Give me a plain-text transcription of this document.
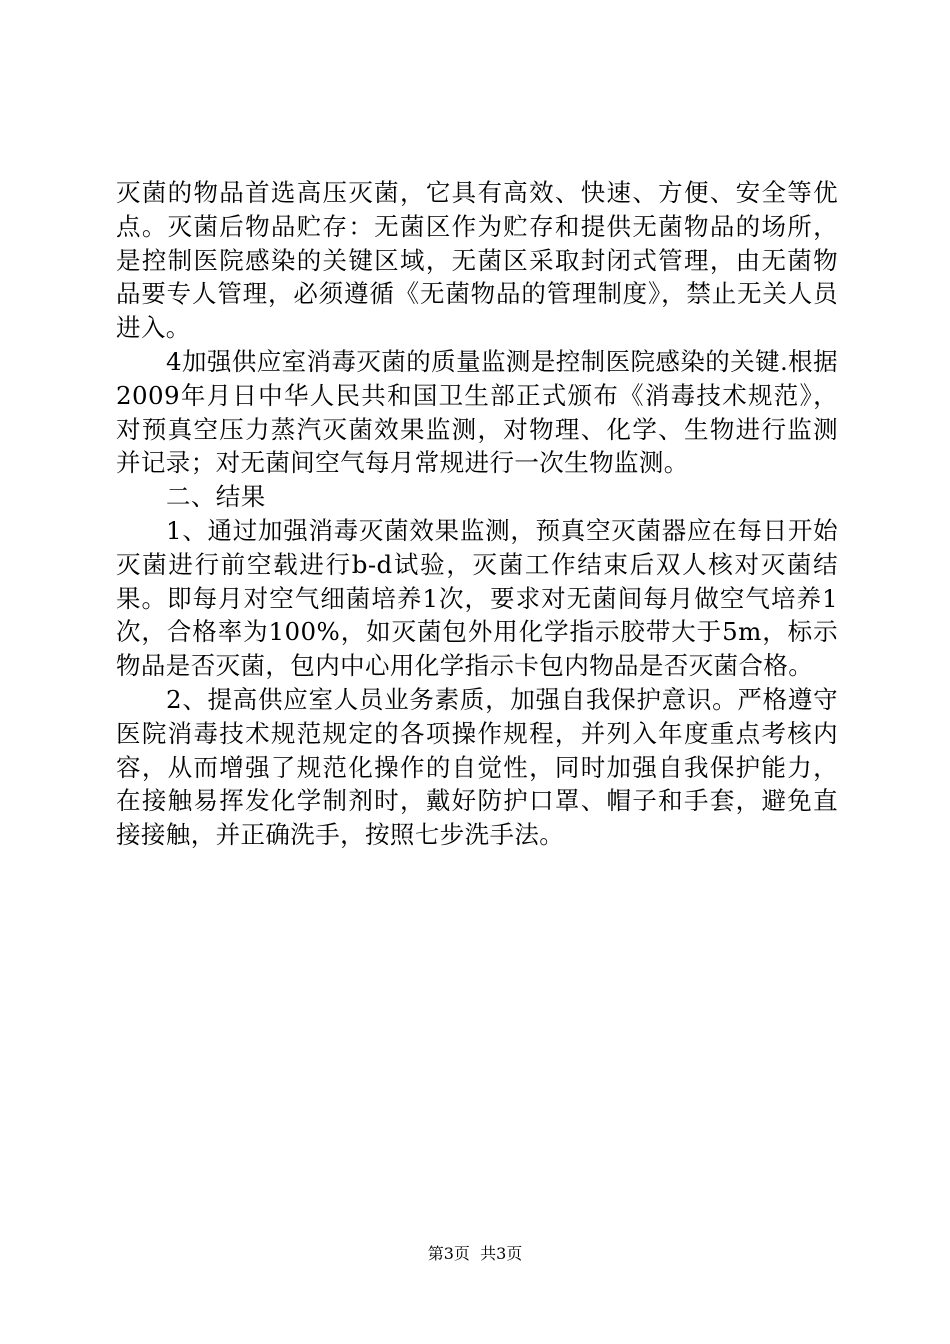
灭菌的物品首选高压灭菌，它具有高效、快速、方便、安全等优点。灭菌后物品贮存：无菌区作为贮存和提供无菌物品的场所，是控制医院感染的关键区域，无菌区采取封闭式管理，由无菌物品要专人管理，必须遵循《无菌物品的管理制度》，禁止无关人员进入。

4加强供应室消毒灭菌的质量监测是控制医院感染的关键.根据2009年月日中华人民共和国卫生部正式颁布《消毒技术规范》，对预真空压力蒸汽灭菌效果监测，对物理、化学、生物进行监测并记录；对无菌间空气每月常规进行一次生物监测。

二、结果

1、通过加强消毒灭菌效果监测，预真空灭菌器应在每日开始灭菌进行前空载进行b-d试验，灭菌工作结束后双人核对灭菌结果。即每月对空气细菌培养1次，要求对无菌间每月做空气培养1次，合格率为100%，如灭菌包外用化学指示胶带大于5m，标示物品是否灭菌，包内中心用化学指示卡包内物品是否灭菌合格。

2、提高供应室人员业务素质，加强自我保护意识。严格遵守医院消毒技术规范规定的各项操作规程，并列入年度重点考核内容，从而增强了规范化操作的自觉性，同时加强自我保护能力，在接触易挥发化学制剂时，戴好防护口罩、帽子和手套，避免直接接触，并正确洗手，按照七步洗手法。

第3页  共3页
